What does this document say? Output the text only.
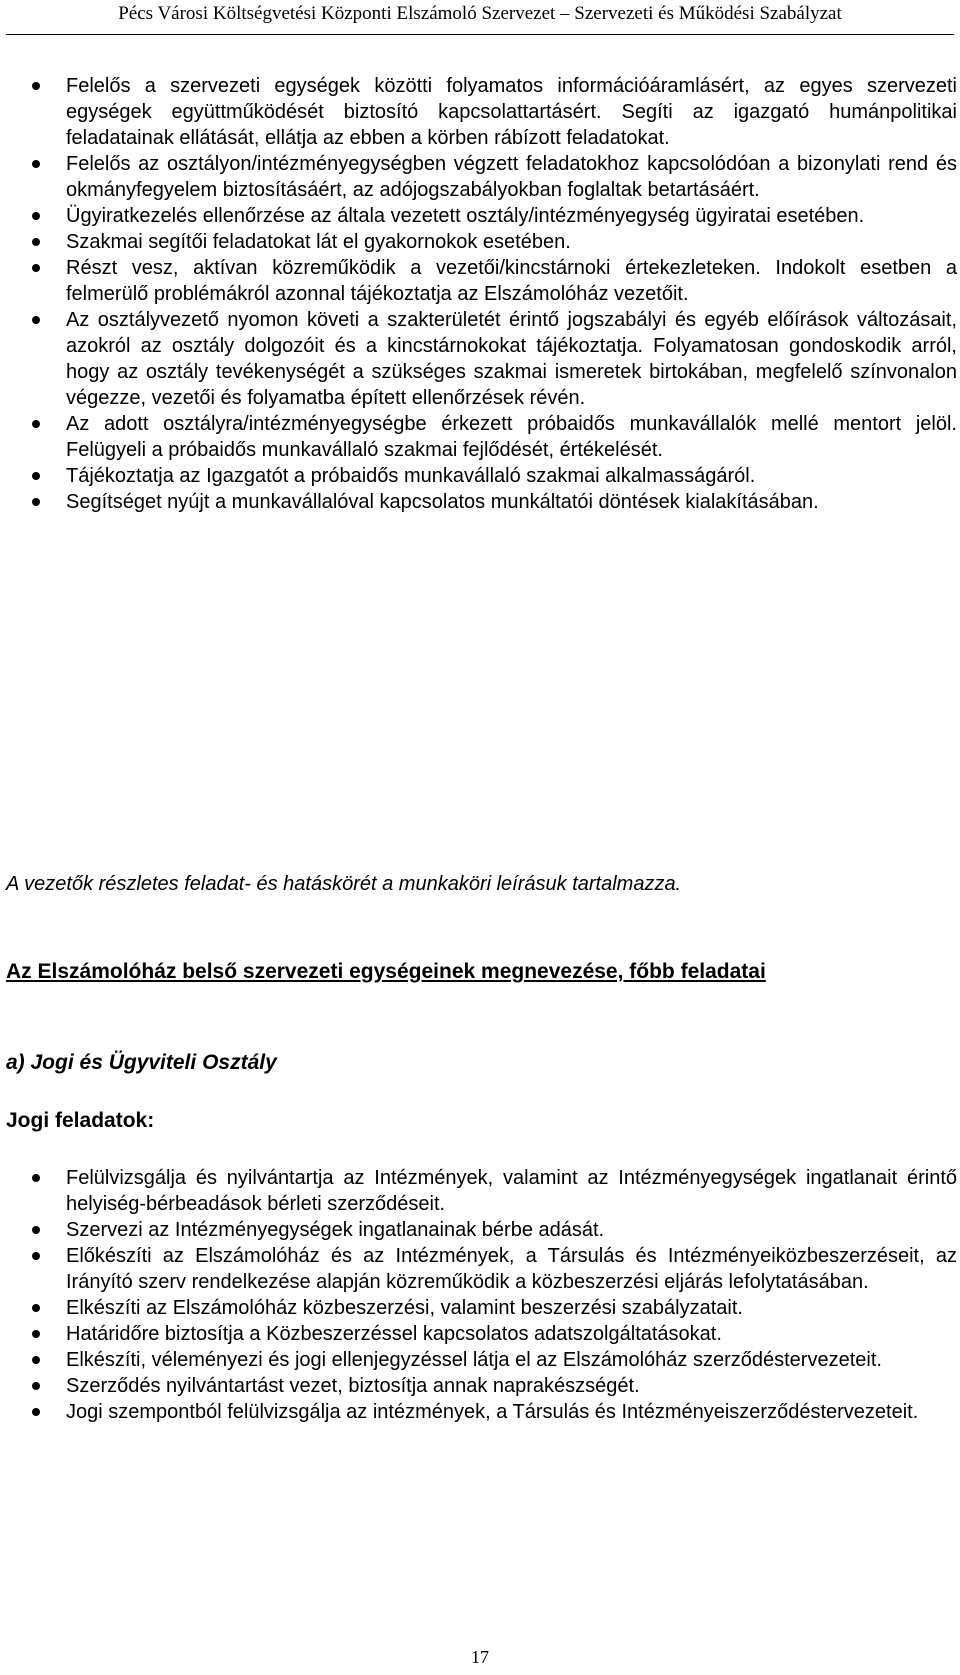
Pécs Városi Költségvetési Központi Elszámoló Szervezet – Szervezeti és Működési Szabályzat
Felelős a szervezeti egységek közötti folyamatos információáramlásért, az egyes szervezeti egységek együttműködését biztosító kapcsolattartásért. Segíti az igazgató humánpolitikai feladatainak ellátását, ellátja az ebben a körben rábízott feladatokat.
Felelős az osztályon/intézményegységben végzett feladatokhoz kapcsolódóan a bizonylati rend és okmányfegyelem biztosításáért, az adójogszabályokban foglaltak betartásáért.
Ügyiratkezelés ellenőrzése az általa vezetett osztály/intézményegység ügyiratai esetében.
Szakmai segítői feladatokat lát el gyakornokok esetében.
Részt vesz, aktívan közreműködik a vezetői/kincstárnoki értekezleteken. Indokolt esetben a felmerülő problémákról azonnal tájékoztatja az Elszámolóház vezetőit.
Az osztályvezető nyomon követi a szakterületét érintő jogszabályi és egyéb előírások változásait, azokról az osztály dolgozóit és a kincstárnokokat tájékoztatja. Folyamatosan gondoskodik arról, hogy az osztály tevékenységét a szükséges szakmai ismeretek birtokában, megfelelő színvonalon végezze, vezetői és folyamatba épített ellenőrzések révén.
Az adott osztályra/intézményegységbe érkezett próbaidős munkavállalók mellé mentort jelöl. Felügyeli a próbaidős munkavállaló szakmai fejlődését, értékelését.
Tájékoztatja az Igazgatót a próbaidős munkavállaló szakmai alkalmasságáról.
Segítséget nyújt a munkavállalóval kapcsolatos munkáltatói döntések kialakításában.
A vezetők részletes feladat- és hatáskörét a munkaköri leírásuk tartalmazza.
Az Elszámolóház belső szervezeti egységeinek megnevezése, főbb feladatai
a) Jogi és Ügyviteli Osztály
Jogi feladatok:
Felülvizsgálja és nyilvántartja az Intézmények, valamint az Intézményegységek ingatlanait érintő helyiség-bérbeadások bérleti szerződéseit.
Szervezi az Intézményegységek ingatlanainak bérbe adását.
Előkészíti az Elszámolóház és az Intézmények, a Társulás és Intézményeiközbeszerzéseit, az Irányító szerv rendelkezése alapján közreműködik a közbeszerzési eljárás lefolytatásában.
Elkészíti az Elszámolóház közbeszerzési, valamint beszerzési szabályzatait.
Határidőre biztosítja a Közbeszerzéssel kapcsolatos adatszolgáltatásokat.
Elkészíti, véleményezi és jogi ellenjegyzéssel látja el az Elszámolóház szerződéstervezeteit.
Szerződés nyilvántartást vezet, biztosítja annak naprakészségét.
Jogi szempontból felülvizsgálja az intézmények, a Társulás és Intézményeiszerződéstervezeteit.
17
